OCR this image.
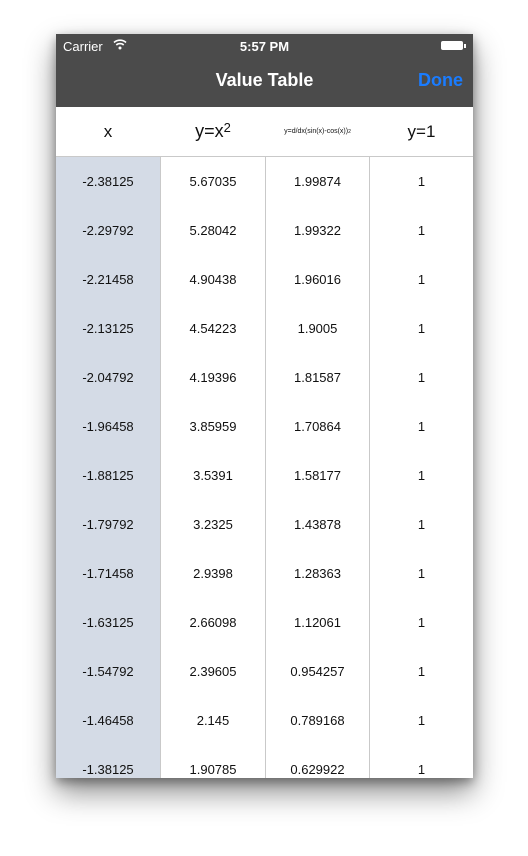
Carrier	5:57 PM
Value Table	Done
x	$y=x^2$	y=d/dx(sin(x)-cos(x)) 2	y=1
-2.38125	5.67035	1.99874	1
-2.29792	5.28042	1.99322	1
-2.21458	4.90438	1.96016	1
-2.13125	4.54223	1.9005	1
-2.04792	4.19396	1.81587	1
-1.96458	3.85959	1.70864	1
-1.88125	3.5391	1.58177	1
-1.79792	3.2325	1.43878	1
-1.71458	2.9398	1.28363	1
-1.63125	2.66098	1.12061	1
-1.54792	2.39605	0.954257	1
-1.46458	2.145	0.789168	1
-1.38125	1.90785	0.629922	1
